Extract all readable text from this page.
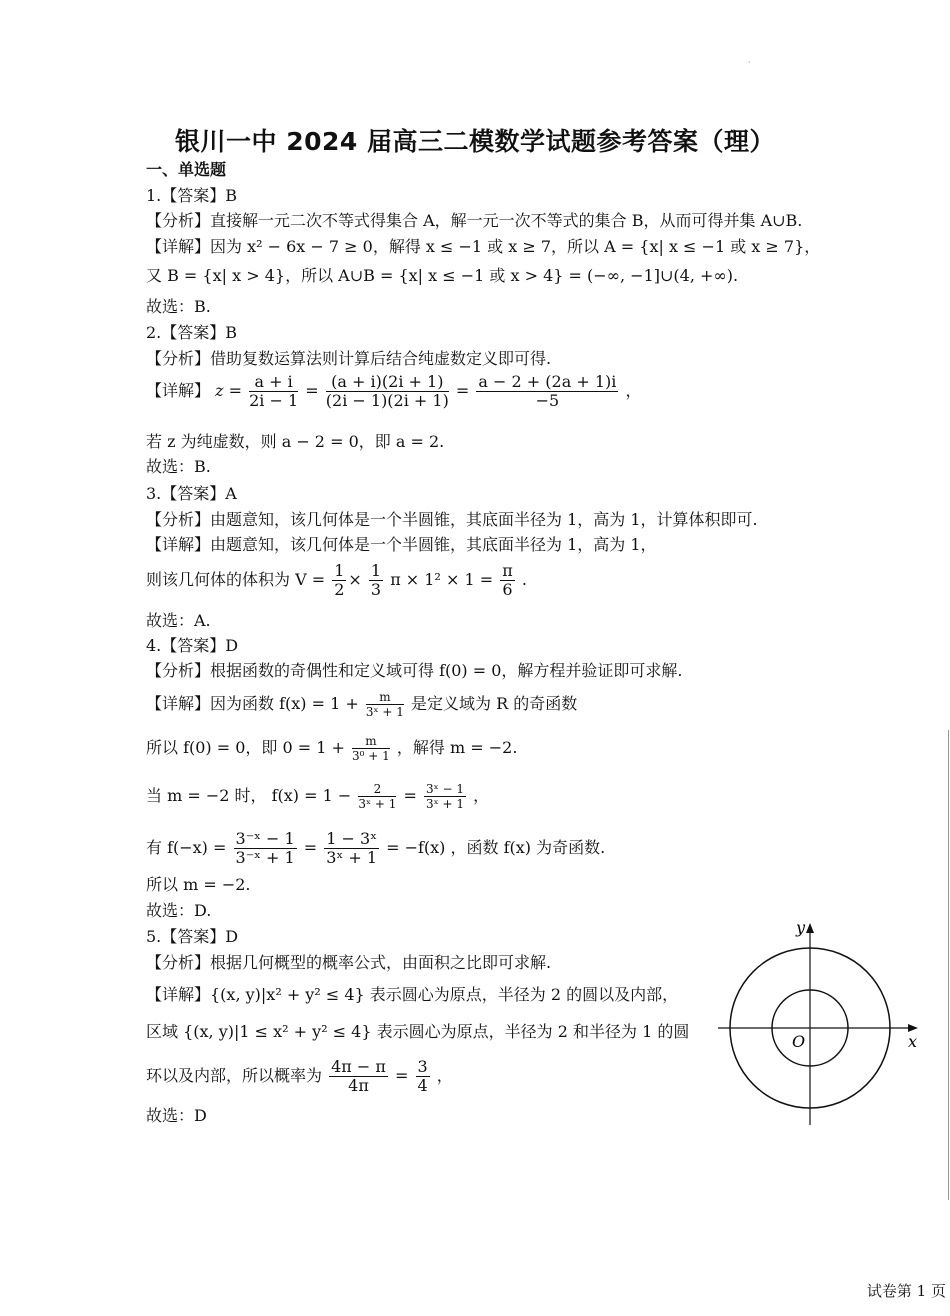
·
银川一中 2024 届高三二模数学试题参考答案（理）
一、单选题
1.【答案】B
【分析】直接解一元二次不等式得集合 A，解一元一次不等式的集合 B，从而可得并集 A∪B.
【详解】因为 x² − 6x − 7 ≥ 0，解得 x ≤ −1 或 x ≥ 7，所以 A = {x| x ≤ −1 或 x ≥ 7}，
又 B = {x| x > 4}，所以 A∪B = {x| x ≤ −1 或 x > 4} = (−∞, −1]∪(4, +∞).
故选：B.
2.【答案】B
【分析】借助复数运算法则计算后结合纯虚数定义即可得.
【详解】 $z = \frac{a + i}{2i - 1} = \frac{(a + i)(2i + 1)}{(2i - 1)(2i + 1)} = \frac{a - 2 + (2a + 1)i}{-5}$ ，
若 z 为纯虚数，则 a − 2 = 0，即 a = 2.
故选：B.
3.【答案】A
【分析】由题意知，该几何体是一个半圆锥，其底面半径为 1，高为 1，计算体积即可.
【详解】由题意知，该几何体是一个半圆锥，其底面半径为 1，高为 1，
则该几何体的体积为 $V = \frac{1}{2} \times \frac{1}{3}$ $\pi \times 1^2 \times 1 = \frac{\pi}{6}$ .
故选：A.
4.【答案】D
【分析】根据函数的奇偶性和定义域可得 f(0) = 0，解方程并验证即可求解.
【详解】因为函数 $f(x) = 1 + \frac{m}{\text{3ˣ + 1}}$ 是定义域为 R 的奇函数
所以 f(0) = 0，即 $0 = 1 + \frac{m}{\text{3⁰ + 1}}$ ，解得 m = −2.
当 m = −2 时， $f(x) = 1 - \frac{2}{\text{3ˣ + 1}} = \frac{\text{3ˣ − 1}}{\text{3ˣ + 1}}$ ，
有 $f(-x) = \frac{\text{3⁻ˣ − 1}}{\text{3⁻ˣ + 1}} = \frac{\text{1 − 3ˣ}}{\text{3ˣ + 1}} = -f(x)$ ，函数 f(x) 为奇函数.
所以 m = −2.
故选：D.
5.【答案】D
【分析】根据几何概型的概率公式，由面积之比即可求解.
【详解】{(x, y)|x² + y² ≤ 4} 表示圆心为原点，半径为 2 的圆以及内部，
区域 {(x, y)|1 ≤ x² + y² ≤ 4} 表示圆心为原点，半径为 2 和半径为 1 的圆
环以及内部，所以概率为 $\frac{4\pi - \pi}{4\pi} = \frac{3}{4}$ ，
故选：D
y
x
O
试卷第 1 页
